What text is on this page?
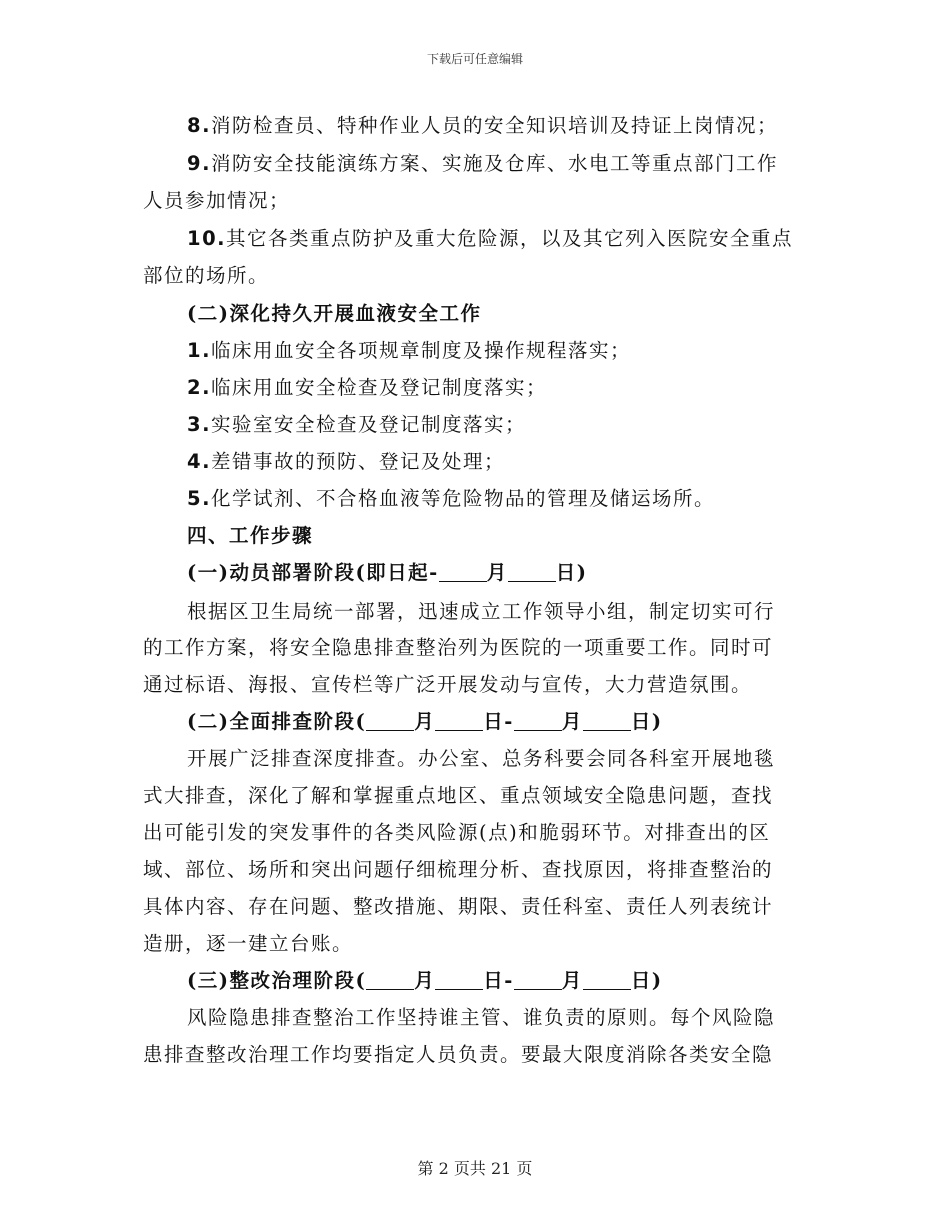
下载后可任意编辑
8.消防检查员、特种作业人员的安全知识培训及持证上岗情况；
9.消防安全技能演练方案、实施及仓库、水电工等重点部门工作
人员参加情况；
10.其它各类重点防护及重大危险源，以及其它列入医院安全重点
部位的场所。
(二)深化持久开展血液安全工作
1.临床用血安全各项规章制度及操作规程落实；
2.临床用血安全检查及登记制度落实；
3.实验室安全检查及登记制度落实；
4.差错事故的预防、登记及处理；
5.化学试剂、不合格血液等危险物品的管理及储运场所。
四、工作步骤
(一)动员部署阶段(即日起- 月 日)
根据区卫生局统一部署，迅速成立工作领导小组，制定切实可行
的工作方案，将安全隐患排查整治列为医院的一项重要工作。同时可
通过标语、海报、宣传栏等广泛开展发动与宣传，大力营造氛围。
(二)全面排查阶段( 月 日- 月 日)
开展广泛排查深度排查。办公室、总务科要会同各科室开展地毯
式大排查，深化了解和掌握重点地区、重点领域安全隐患问题，查找
出可能引发的突发事件的各类风险源(点)和脆弱环节。对排查出的区
域、部位、场所和突出问题仔细梳理分析、查找原因，将排查整治的
具体内容、存在问题、整改措施、期限、责任科室、责任人列表统计
造册，逐一建立台账。
(三)整改治理阶段( 月 日- 月 日)
风险隐患排查整治工作坚持谁主管、谁负责的原则。每个风险隐
患排查整改治理工作均要指定人员负责。要最大限度消除各类安全隐
第 2 页共 21 页
